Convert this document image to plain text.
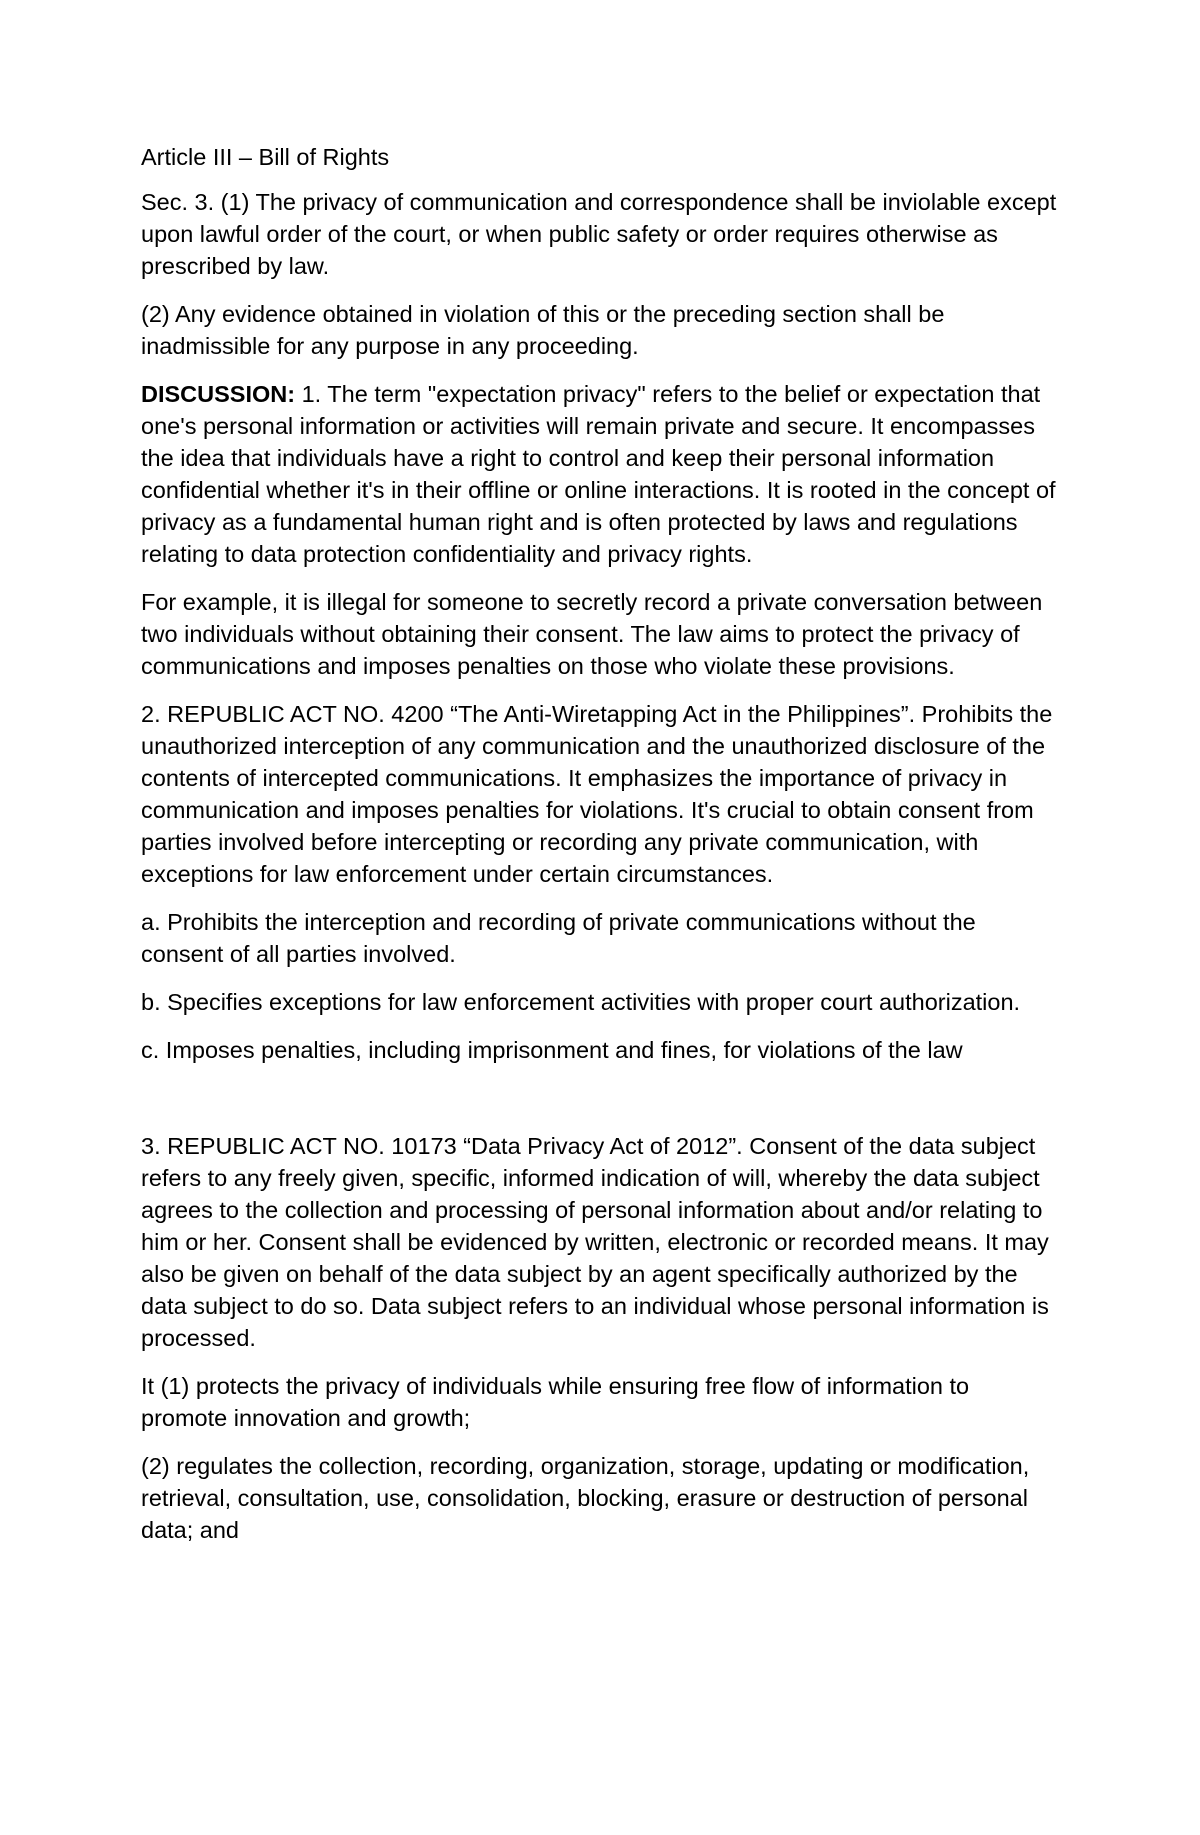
Article III – Bill of Rights
Sec. 3. (1) The privacy of communication and correspondence shall be inviolable except upon lawful order of the court, or when public safety or order requires otherwise as prescribed by law.
(2) Any evidence obtained in violation of this or the preceding section shall be inadmissible for any purpose in any proceeding.
DISCUSSION: 1. The term "expectation privacy" refers to the belief or expectation that one's personal information or activities will remain private and secure. It encompasses the idea that individuals have a right to control and keep their personal information confidential whether it's in their offline or online interactions. It is rooted in the concept of privacy as a fundamental human right and is often protected by laws and regulations relating to data protection confidentiality and privacy rights.
For example, it is illegal for someone to secretly record a private conversation between two individuals without obtaining their consent. The law aims to protect the privacy of communications and imposes penalties on those who violate these provisions.
2. REPUBLIC ACT NO. 4200 “The Anti-Wiretapping Act in the Philippines”. Prohibits the unauthorized interception of any communication and the unauthorized disclosure of the contents of intercepted communications. It emphasizes the importance of privacy in communication and imposes penalties for violations. It's crucial to obtain consent from parties involved before intercepting or recording any private communication, with exceptions for law enforcement under certain circumstances.
a. Prohibits the interception and recording of private communications without the consent of all parties involved.
b. Specifies exceptions for law enforcement activities with proper court authorization.
c. Imposes penalties, including imprisonment and fines, for violations of the law
3. REPUBLIC ACT NO. 10173 “Data Privacy Act of 2012”. Consent of the data subject refers to any freely given, specific, informed indication of will, whereby the data subject agrees to the collection and processing of personal information about and/or relating to him or her. Consent shall be evidenced by written, electronic or recorded means. It may also be given on behalf of the data subject by an agent specifically authorized by the data subject to do so. Data subject refers to an individual whose personal information is processed.
It (1) protects the privacy of individuals while ensuring free flow of information to promote innovation and growth;
(2) regulates the collection, recording, organization, storage, updating or modification, retrieval, consultation, use, consolidation, blocking, erasure or destruction of personal data; and
